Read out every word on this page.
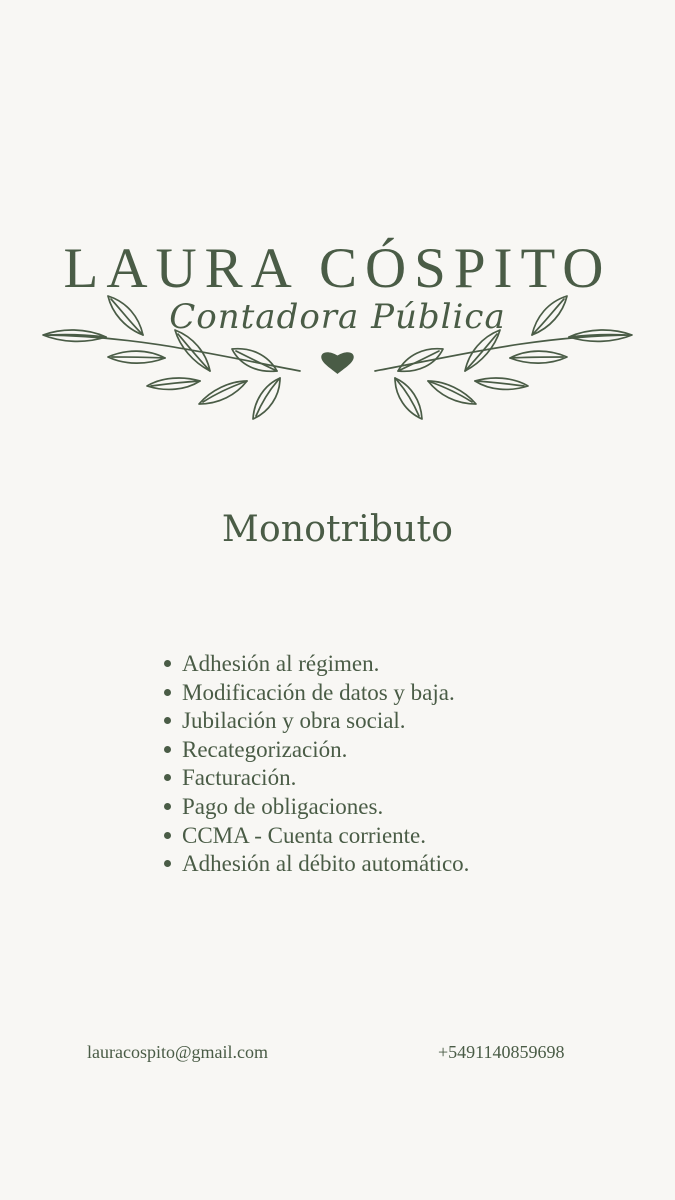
LAURA CÓSPITO
Contadora Pública
Monotributo
Adhesión al régimen.
Modificación de datos y baja.
Jubilación y obra social.
Recategorización.
Facturación.
Pago de obligaciones.
CCMA - Cuenta corriente.
Adhesión al débito automático.
lauracospito@gmail.com	+5491140859698
